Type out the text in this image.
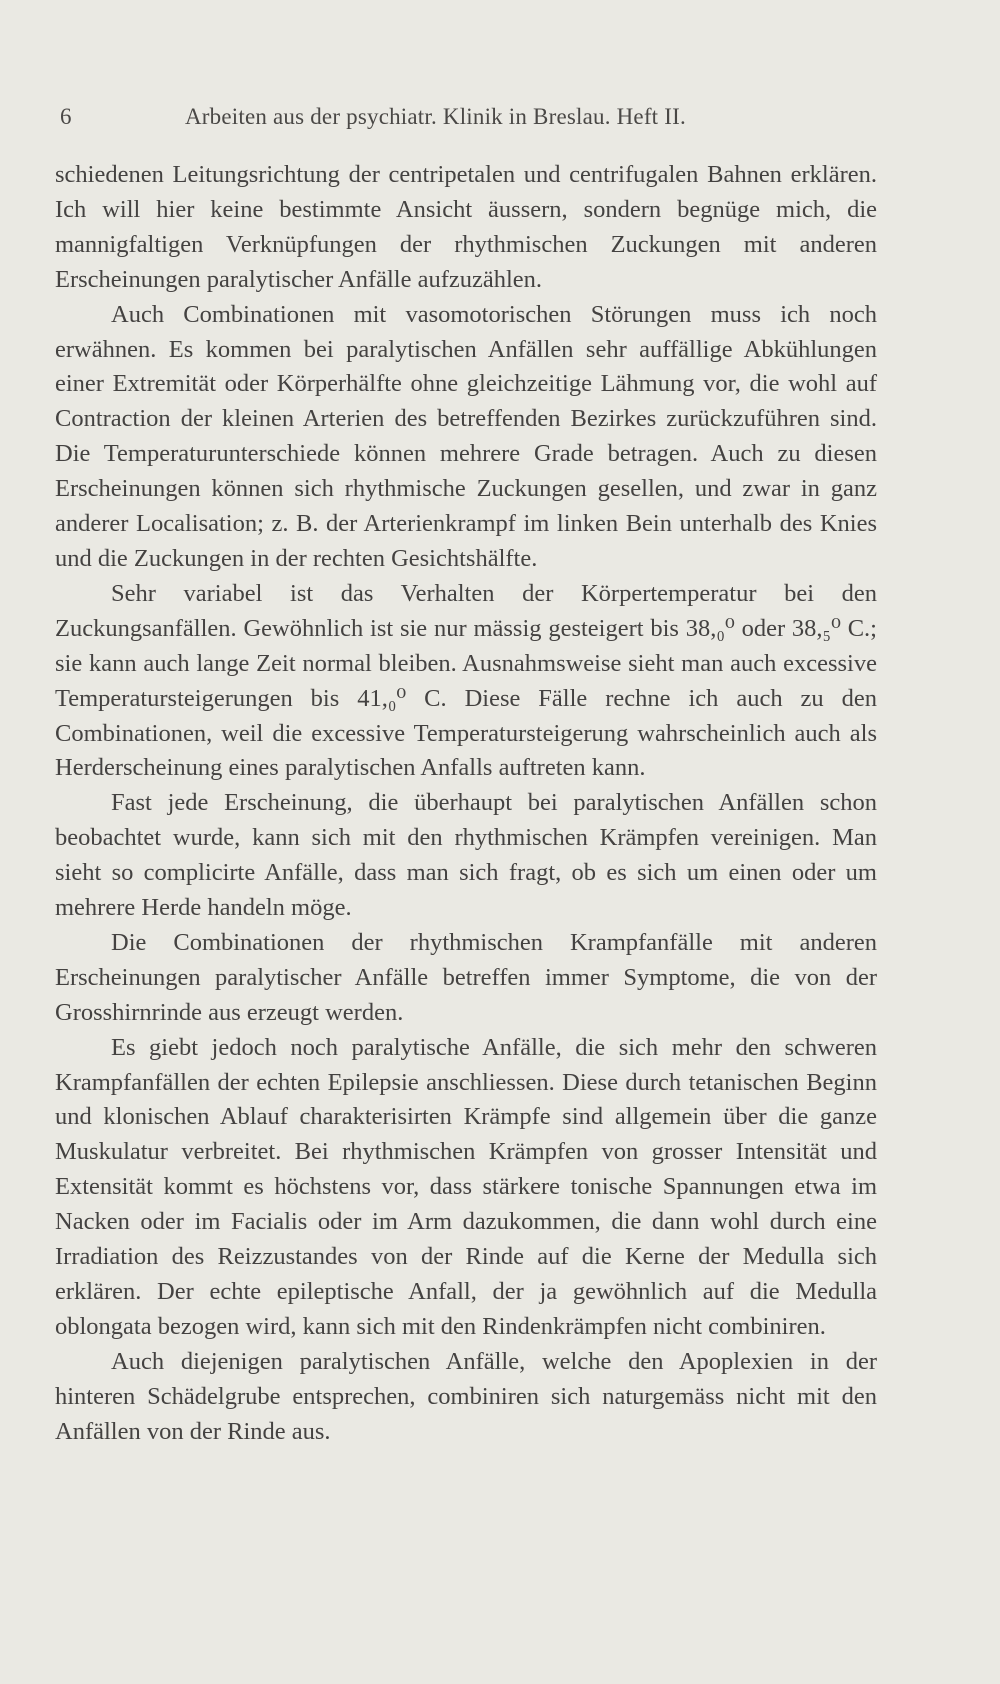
6	Arbeiten aus der psychiatr. Klinik in Breslau. Heft II.

schiedenen Leitungsrichtung der centripetalen und centrifugalen Bahnen erklären. Ich will hier keine bestimmte Ansicht äussern, sondern begnüge mich, die mannigfaltigen Verknüpfungen der rhythmischen Zuckungen mit anderen Erscheinungen paralytischer Anfälle aufzuzählen.

Auch Combinationen mit vasomotorischen Störungen muss ich noch erwähnen. Es kommen bei paralytischen Anfällen sehr auffällige Abkühlungen einer Extremität oder Körperhälfte ohne gleichzeitige Lähmung vor, die wohl auf Contraction der kleinen Arterien des betreffenden Bezirkes zurückzuführen sind. Die Temperaturunterschiede können mehrere Grade betragen. Auch zu diesen Erscheinungen können sich rhythmische Zuckungen gesellen, und zwar in ganz anderer Localisation; z. B. der Arterienkrampf im linken Bein unterhalb des Knies und die Zuckungen in der rechten Gesichtshälfte.

Sehr variabel ist das Verhalten der Körpertemperatur bei den Zuckungsanfällen. Gewöhnlich ist sie nur mässig gesteigert bis 38,₀⁰ oder 38,₅⁰ C.; sie kann auch lange Zeit normal bleiben. Ausnahmsweise sieht man auch excessive Temperatursteigerungen bis 41,₀⁰ C. Diese Fälle rechne ich auch zu den Combinationen, weil die excessive Temperatursteigerung wahrscheinlich auch als Herderscheinung eines paralytischen Anfalls auftreten kann.

Fast jede Erscheinung, die überhaupt bei paralytischen Anfällen schon beobachtet wurde, kann sich mit den rhythmischen Krämpfen vereinigen. Man sieht so complicirte Anfälle, dass man sich fragt, ob es sich um einen oder um mehrere Herde handeln möge.

Die Combinationen der rhythmischen Krampfanfälle mit anderen Erscheinungen paralytischer Anfälle betreffen immer Symptome, die von der Grosshirnrinde aus erzeugt werden.

Es giebt jedoch noch paralytische Anfälle, die sich mehr den schweren Krampfanfällen der echten Epilepsie anschliessen. Diese durch tetanischen Beginn und klonischen Ablauf charakterisirten Krämpfe sind allgemein über die ganze Muskulatur verbreitet. Bei rhythmischen Krämpfen von grosser Intensität und Extensität kommt es höchstens vor, dass stärkere tonische Spannungen etwa im Nacken oder im Facialis oder im Arm dazukommen, die dann wohl durch eine Irradiation des Reizzustandes von der Rinde auf die Kerne der Medulla sich erklären. Der echte epileptische Anfall, der ja gewöhnlich auf die Medulla oblongata bezogen wird, kann sich mit den Rindenkrämpfen nicht combiniren.

Auch diejenigen paralytischen Anfälle, welche den Apoplexien in der hinteren Schädelgrube entsprechen, combiniren sich naturgemäss nicht mit den Anfällen von der Rinde aus.
